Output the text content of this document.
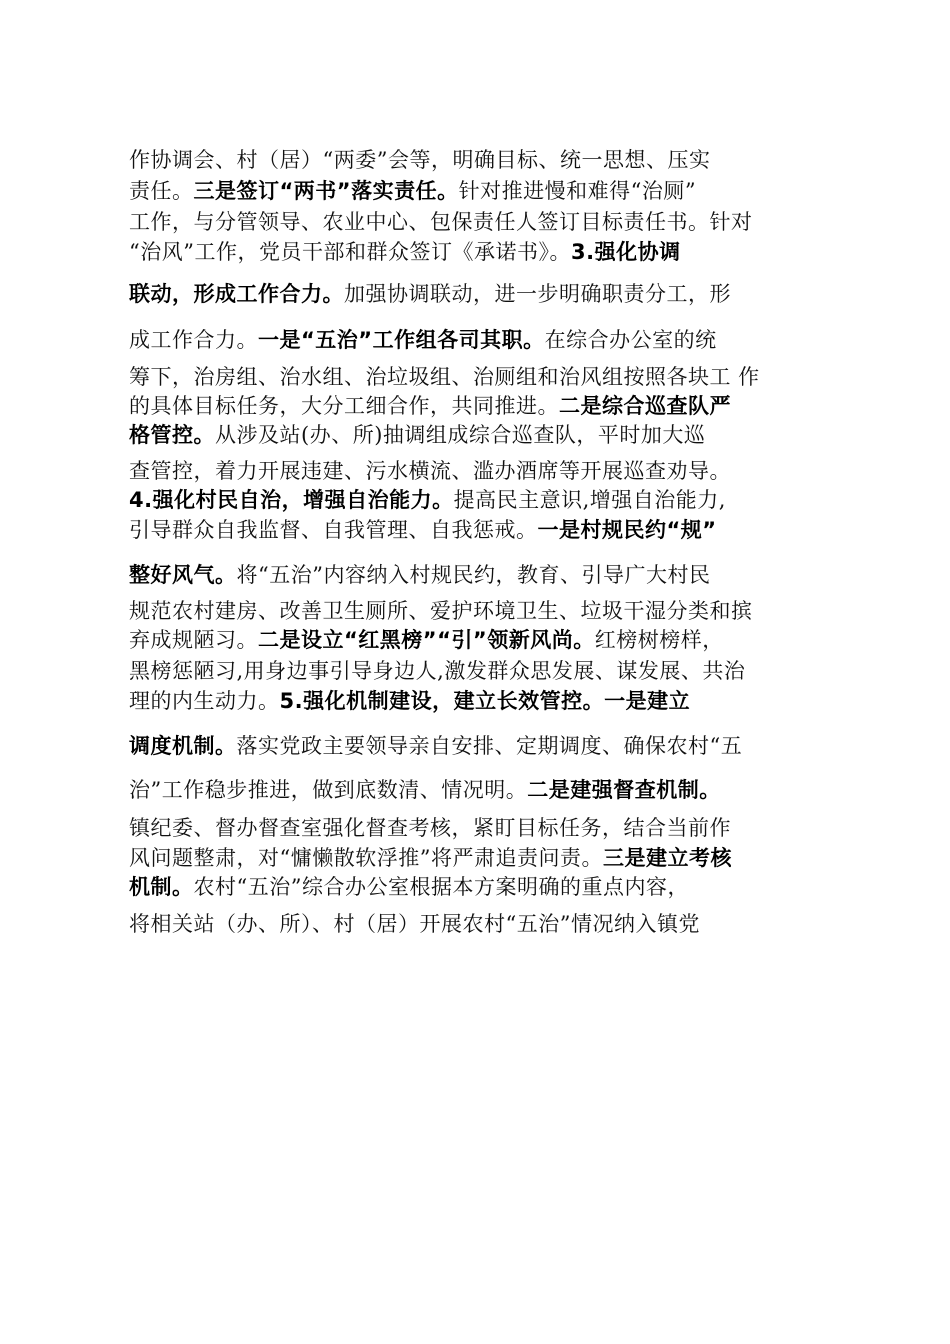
作协调会、村（居）“两委”会等，明确目标、统一思想、压实
责任。三是签订“两书”落实责任。针对推进慢和难得“治厕”
工作，与分管领导、农业中心、包保责任人签订目标责任书。针对
“治风”工作，党员干部和群众签订《承诺书》。3.强化协调
联动，形成工作合力。加强协调联动，进一步明确职责分工，形
成工作合力。一是“五治”工作组各司其职。在综合办公室的统
筹下，治房组、治水组、治垃圾组、治厕组和治风组按照各块工 作
的具体目标任务，大分工细合作，共同推进。二是综合巡查队严
格管控。从涉及站(办、所)抽调组成综合巡查队，平时加大巡
查管控，着力开展违建、污水横流、滥办酒席等开展巡查劝导。
4.强化村民自治，增强自治能力。提高民主意识,增强自治能力,
引导群众自我监督、自我管理、自我惩戒。一是村规民约“规”
整好风气。将“五治”内容纳入村规民约，教育、引导广大村民
规范农村建房、改善卫生厕所、爱护环境卫生、垃圾干湿分类和摈
弃成规陋习。二是设立“红黑榜”“引”领新风尚。红榜树榜样，
黑榜惩陋习,用身边事引导身边人,激发群众思发展、谋发展、共治
理的内生动力。5.强化机制建设，建立长效管控。一是建立
调度机制。落实党政主要领导亲自安排、定期调度、确保农村“五
治”工作稳步推进，做到底数清、情况明。二是建强督查机制。
镇纪委、督办督查室强化督查考核，紧盯目标任务，结合当前作
风问题整肃，对“慵懒散软浮推”将严肃追责问责。三是建立考核
机制。农村“五治”综合办公室根据本方案明确的重点内容，
将相关站（办、所）、村（居）开展农村“五治”情况纳入镇党
